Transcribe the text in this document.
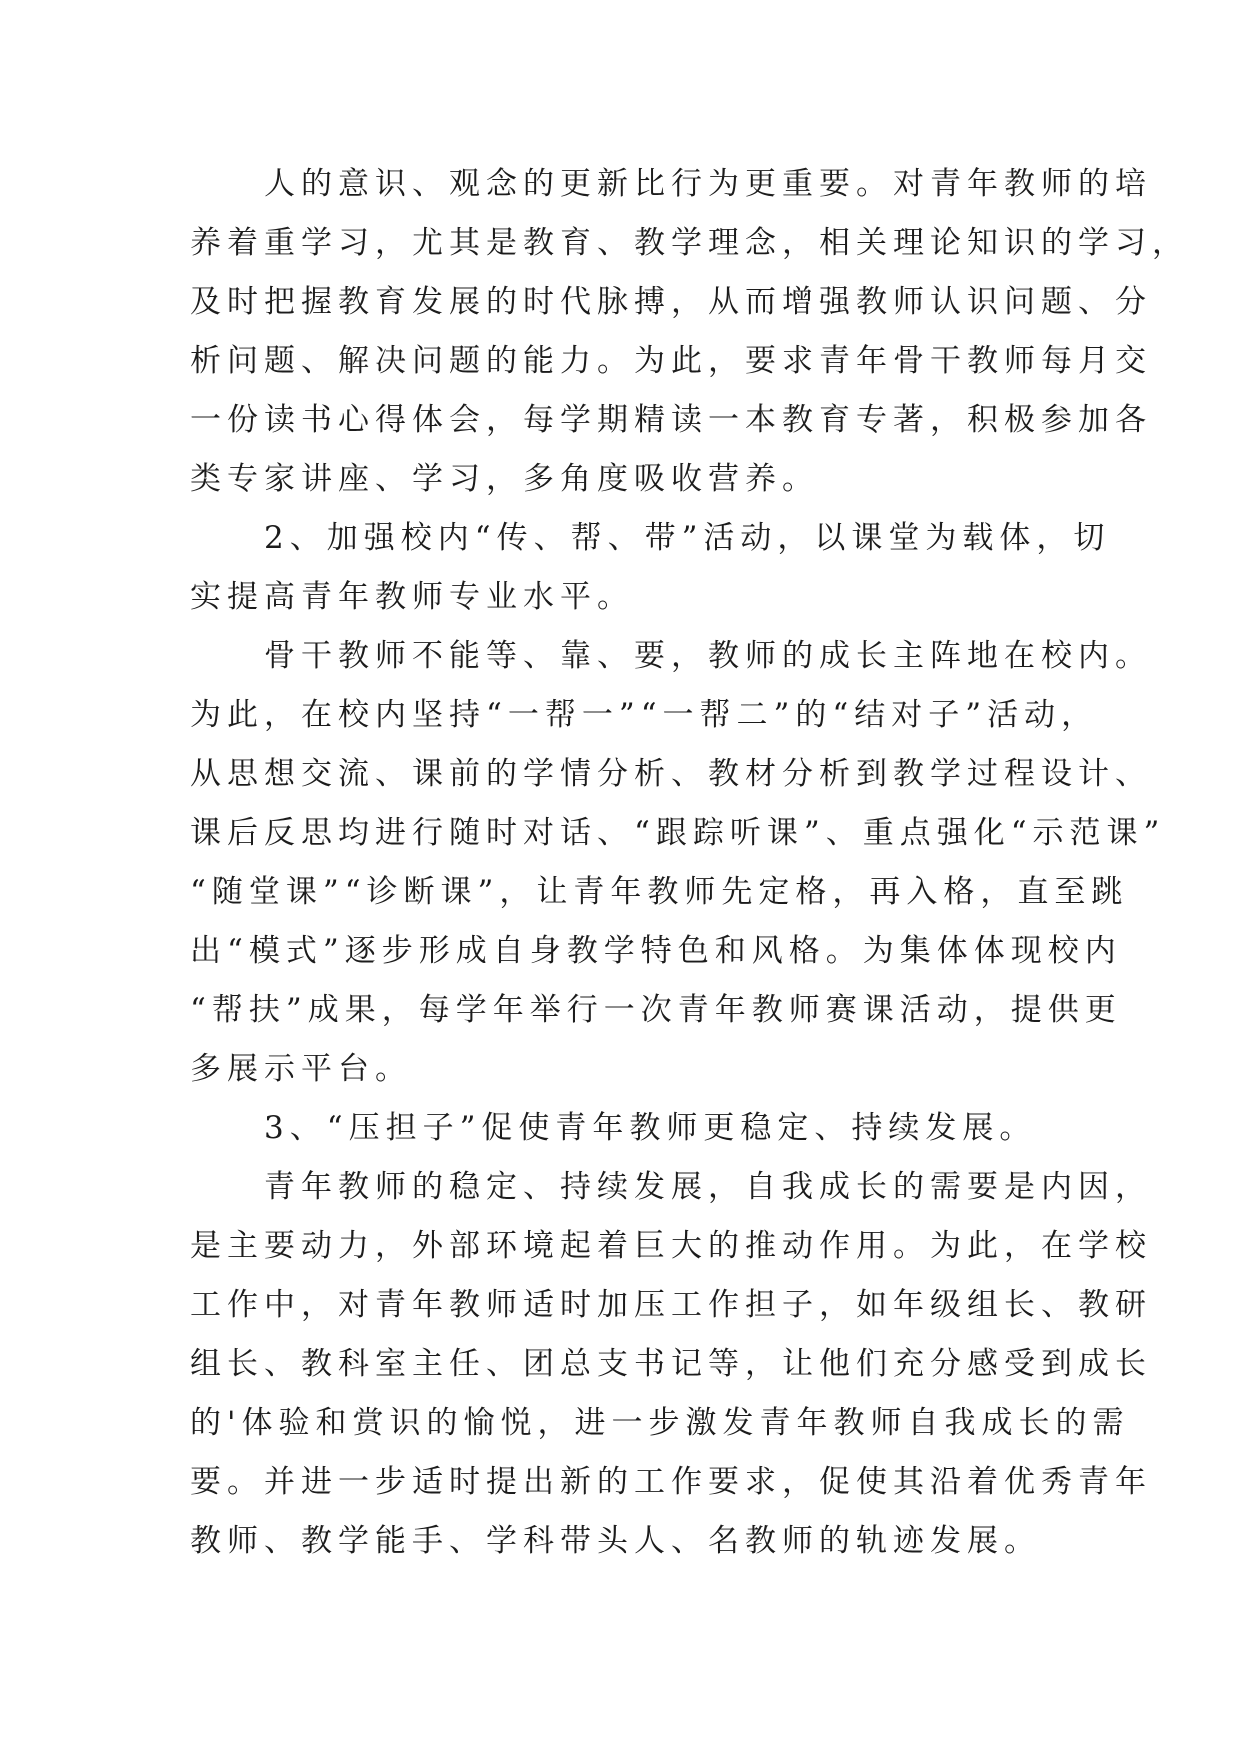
　　人的意识、观念的更新比行为更重要。对青年教师的培
养着重学习，尤其是教育、教学理念，相关理论知识的学习，
及时把握教育发展的时代脉搏，从而增强教师认识问题、分
析问题、解决问题的能力。为此，要求青年骨干教师每月交
一份读书心得体会，每学期精读一本教育专著，积极参加各
类专家讲座、学习，多角度吸收营养。
　　2、加强校内“传、帮、带”活动，以课堂为载体，切
实提高青年教师专业水平。
　　骨干教师不能等、靠、要，教师的成长主阵地在校内。
为此，在校内坚持“一帮一”“一帮二”的“结对子”活动，
从思想交流、课前的学情分析、教材分析到教学过程设计、
课后反思均进行随时对话、“跟踪听课”、重点强化“示范课”
“随堂课”“诊断课”，让青年教师先定格，再入格，直至跳
出“模式”逐步形成自身教学特色和风格。为集体体现校内
“帮扶”成果，每学年举行一次青年教师赛课活动，提供更
多展示平台。
　　3、“压担子”促使青年教师更稳定、持续发展。
　　青年教师的稳定、持续发展，自我成长的需要是内因，
是主要动力，外部环境起着巨大的推动作用。为此，在学校
工作中，对青年教师适时加压工作担子，如年级组长、教研
组长、教科室主任、团总支书记等，让他们充分感受到成长
的'体验和赏识的愉悦，进一步激发青年教师自我成长的需
要。并进一步适时提出新的工作要求，促使其沿着优秀青年
教师、教学能手、学科带头人、名教师的轨迹发展。
